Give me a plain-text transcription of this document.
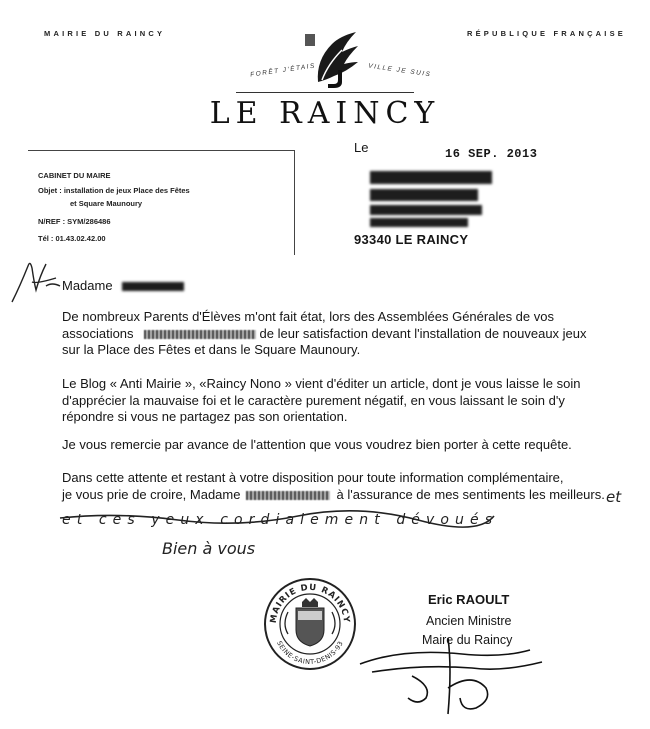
MAIRIE DU RAINCY	RÉPUBLIQUE FRANÇAISE
FORÊT J'ÉTAIS	VILLE JE SUIS
LE RAINCY
CABINET DU MAIRE
Objet : installation de jeux Place des Fêtes
et Square Maunoury
N/REF : SYM/286486
Tél : 01.43.02.42.00
Le	16 SEP. 2013
93340 LE RAINCY
Madame
De nombreux Parents d'Élèves m'ont fait état, lors des Assemblées Générales de vos
associations	de leur satisfaction devant l'installation de nouveaux jeux
sur la Place des Fêtes et dans le Square Maunoury.
Le Blog « Anti Mairie », «Raincy Nono » vient d'éditer un article, dont je vous laisse le soin
d'apprécier la mauvaise foi et le caractère purement négatif, en vous laissant le soin d'y
répondre si vous ne partagez pas son orientation.
Je vous remercie par avance de l'attention que vous voudrez bien porter à cette requête.
Dans cette attente et restant à votre disposition pour toute information complémentaire,
je vous prie de croire, Madame	à l'assurance de mes sentiments les meilleurs. et
et ces yeux cordialement dévoués
Bien à vous
MAIRIE DU RAINCY
SEINE-SAINT-DENIS-93
Eric RAOULT
Ancien Ministre
Maire du Raincy
